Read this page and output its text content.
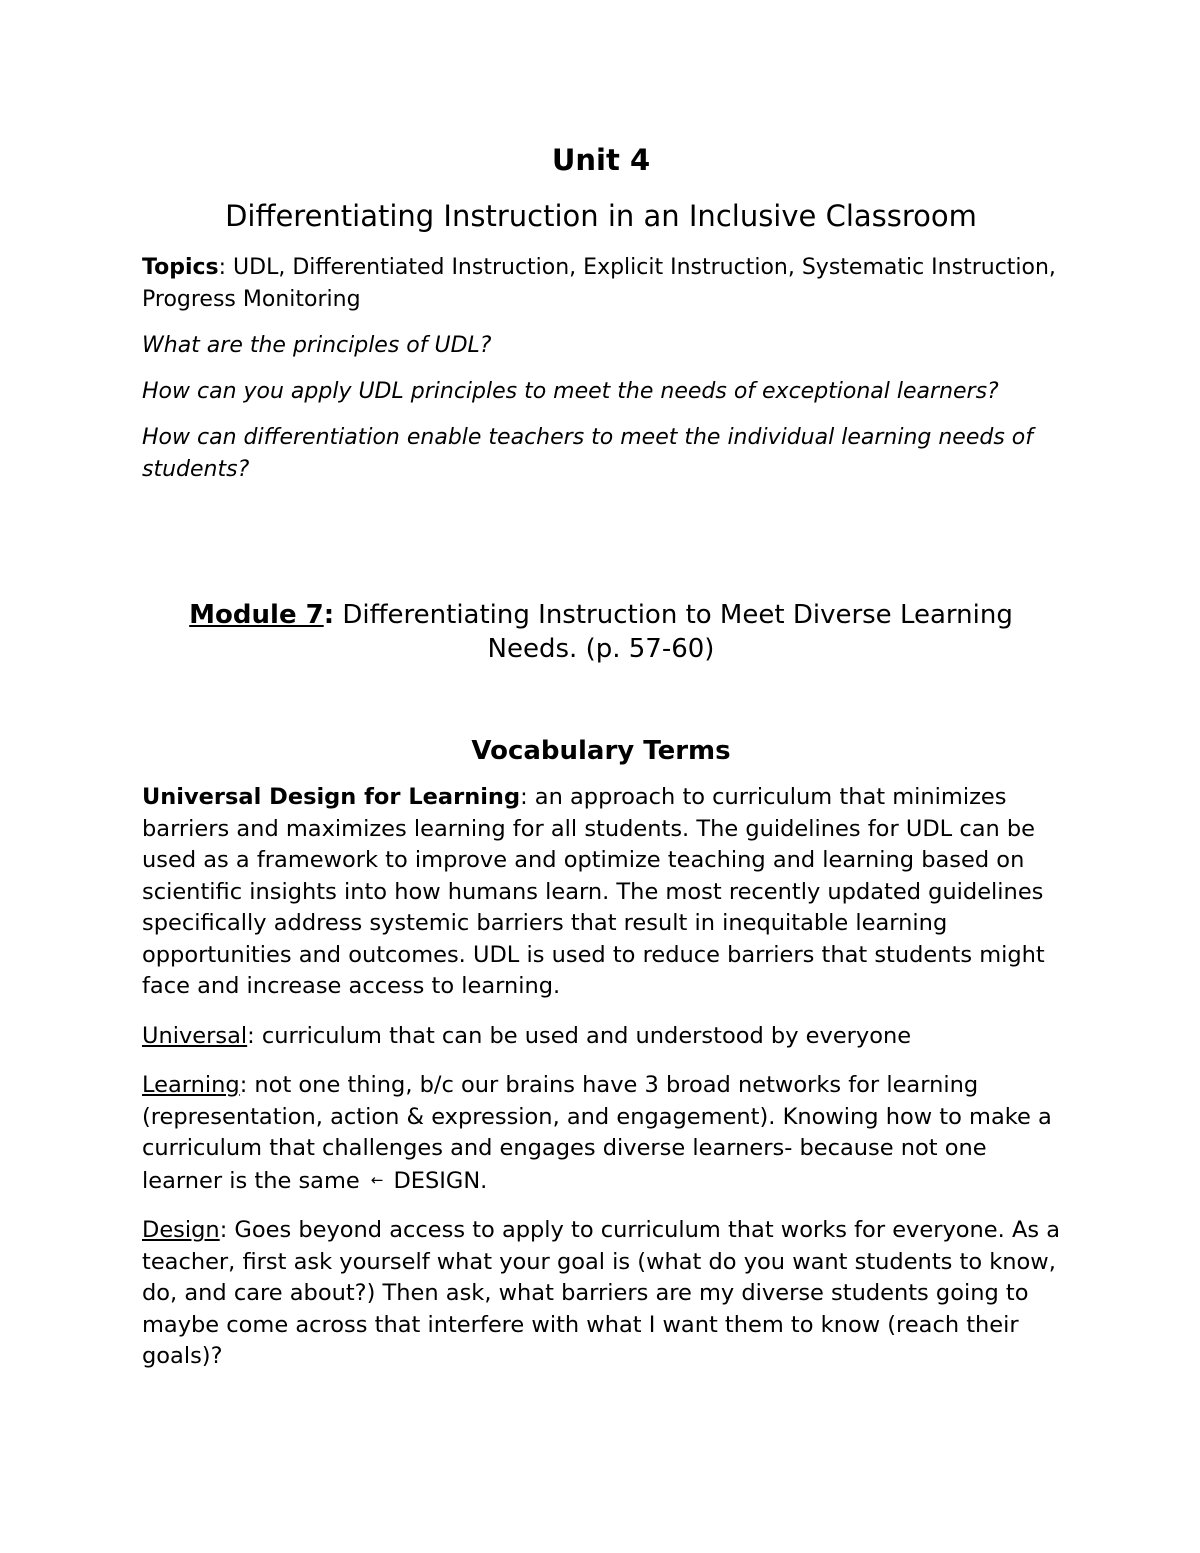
Unit 4

Differentiating Instruction in an Inclusive Classroom

Topics: UDL, Differentiated Instruction, Explicit Instruction, Systematic Instruction, Progress Monitoring

What are the principles of UDL?

How can you apply UDL principles to meet the needs of exceptional learners?

How can differentiation enable teachers to meet the individual learning needs of students?

Module 7: Differentiating Instruction to Meet Diverse Learning Needs. (p. 57-60)

Vocabulary Terms

Universal Design for Learning: an approach to curriculum that minimizes barriers and maximizes learning for all students. The guidelines for UDL can be used as a framework to improve and optimize teaching and learning based on scientific insights into how humans learn. The most recently updated guidelines specifically address systemic barriers that result in inequitable learning opportunities and outcomes. UDL is used to reduce barriers that students might face and increase access to learning.

Universal: curriculum that can be used and understood by everyone

Learning: not one thing, b/c our brains have 3 broad networks for learning (representation, action & expression, and engagement). Knowing how to make a curriculum that challenges and engages diverse learners- because not one learner is the same ← DESIGN.

Design: Goes beyond access to apply to curriculum that works for everyone. As a teacher, first ask yourself what your goal is (what do you want students to know, do, and care about?) Then ask, what barriers are my diverse students going to maybe come across that interfere with what I want them to know (reach their goals)?
